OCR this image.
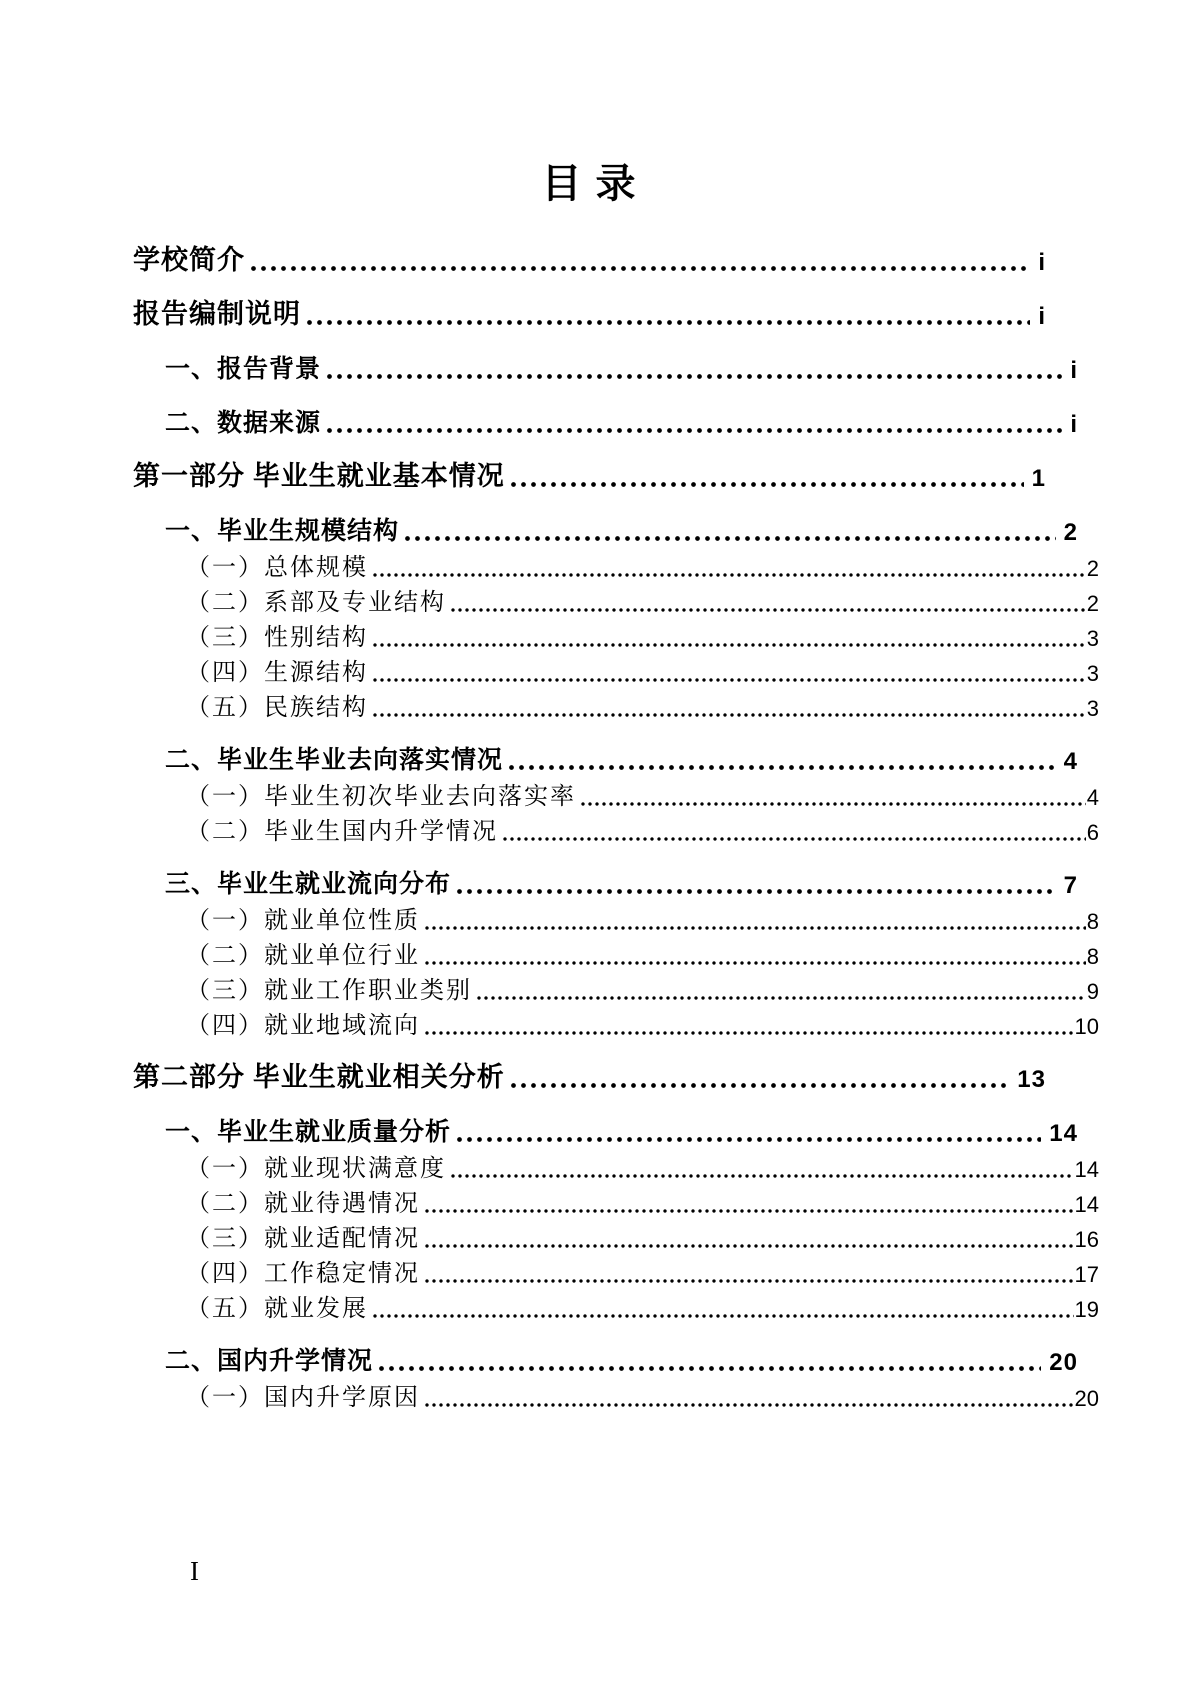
目 录
学校简介	i
报告编制说明	i
一、报告背景	i
二、数据来源	i
第一部分 毕业生就业基本情况	1
一、毕业生规模结构	2
（一）总体规模	2
（二）系部及专业结构	2
（三）性别结构	3
（四）生源结构	3
（五）民族结构	3
二、毕业生毕业去向落实情况	4
（一）毕业生初次毕业去向落实率	4
（二）毕业生国内升学情况	6
三、毕业生就业流向分布	7
（一）就业单位性质	8
（二）就业单位行业	8
（三）就业工作职业类别	9
（四）就业地域流向	10
第二部分 毕业生就业相关分析	13
一、毕业生就业质量分析	14
（一）就业现状满意度	14
（二）就业待遇情况	14
（三）就业适配情况	16
（四）工作稳定情况	17
（五）就业发展	19
二、国内升学情况	20
（一）国内升学原因	20
I
